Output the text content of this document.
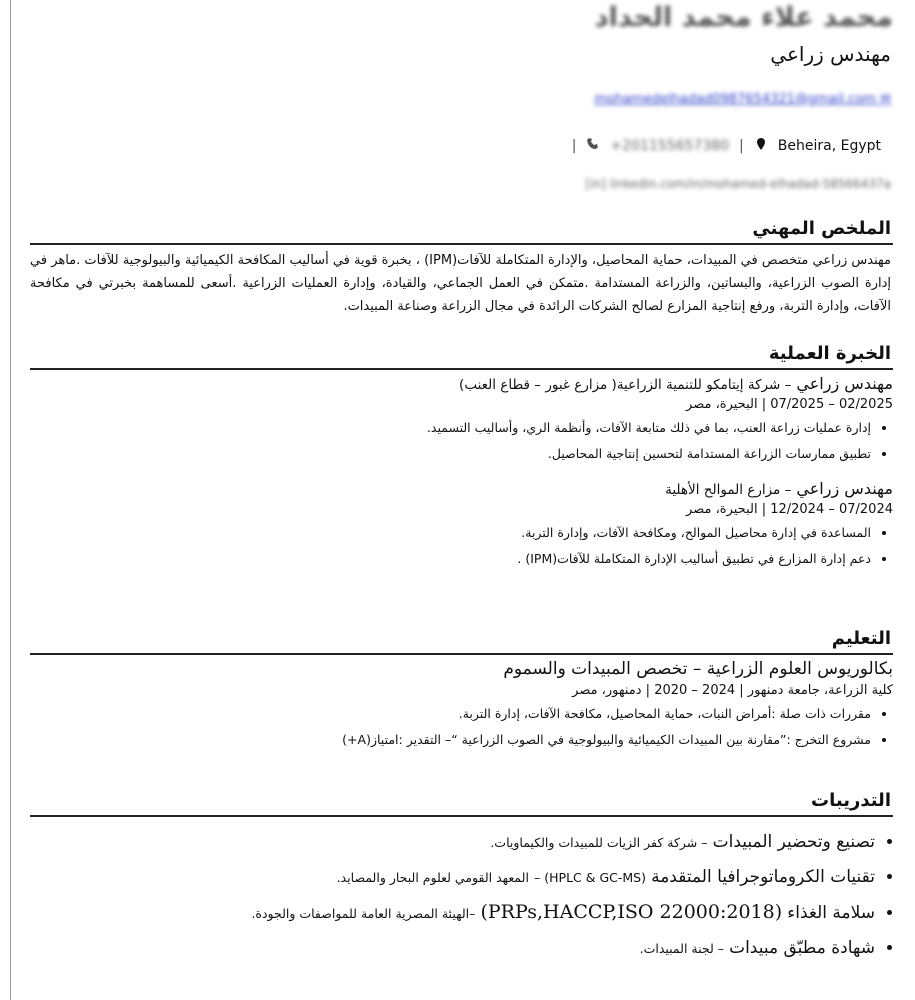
محمد علاء محمد الحداد
مهندس زراعي
✉ mohamedelhadad0987654321@gmail.com
Beheira, Egypt
|
+201155657380
|
[in] linkedin.com/in/mohamed-elhadad-58566437a
الملخص المهني
مهندس زراعي متخصص في المبيدات، حماية المحاصيل، والإدارة المتكاملة للآفات(IPM) ، بخبرة قوية في أساليب المكافحة الكيميائية والبيولوجية للآفات .ماهر في إدارة الصوب الزراعية، والبساتين، والزراعة المستدامة .متمكن في العمل الجماعي، والقيادة، وإدارة العمليات الزراعية .أسعى للمساهمة بخبرتي في مكافحة الآفات، وإدارة التربة، ورفع إنتاجية المزارع لصالح الشركات الرائدة في مجال الزراعة وصناعة المبيدات.
الخبرة العملية
مهندس زراعي – شركة إيتامكو للتنمية الزراعية( مزارع غبور – قطاع العنب)
07/2025 – 02/2025 | البحيرة، مصر
• إدارة عمليات زراعة العنب، بما في ذلك متابعة الآفات، وأنظمة الري، وأساليب التسميد.
• تطبيق ممارسات الزراعة المستدامة لتحسين إنتاجية المحاصيل.
مهندس زراعي – مزارع الموالح الأهلية
12/2024 – 07/2024 | البحيرة، مصر
• المساعدة في إدارة محاصيل الموالح، ومكافحة الآفات، وإدارة التربة.
• دعم إدارة المزارع في تطبيق أساليب الإدارة المتكاملة للآفات(IPM) .
التعليم
بكالوريوس العلوم الزراعية – تخصص المبيدات والسموم
كلية الزراعة، جامعة دمنهور | 2024 – 2020 | دمنهور، مصر
• مقررات ذات صلة :أمراض النبات، حماية المحاصيل، مكافحة الآفات، إدارة التربة.
• مشروع التخرج :”مقارنة بين المبيدات الكيميائية والبيولوجية في الصوب الزراعية “– التقدير :امتياز(A+)
التدريبات
• تصنيع وتحضير المبيدات – شركة كفر الزيات للمبيدات والكيماويات.
• تقنيات الكروماتوجرافيا المتقدمة – (HPLC & GC-MS) المعهد القومي لعلوم البحار والمصايد.
• سلامة الغذاء (PRPs,HACCP,ISO 22000:2018) –الهيئة المصرية العامة للمواصفات والجودة.
• شهادة مطبّق مبيدات – لجنة المبيدات.
